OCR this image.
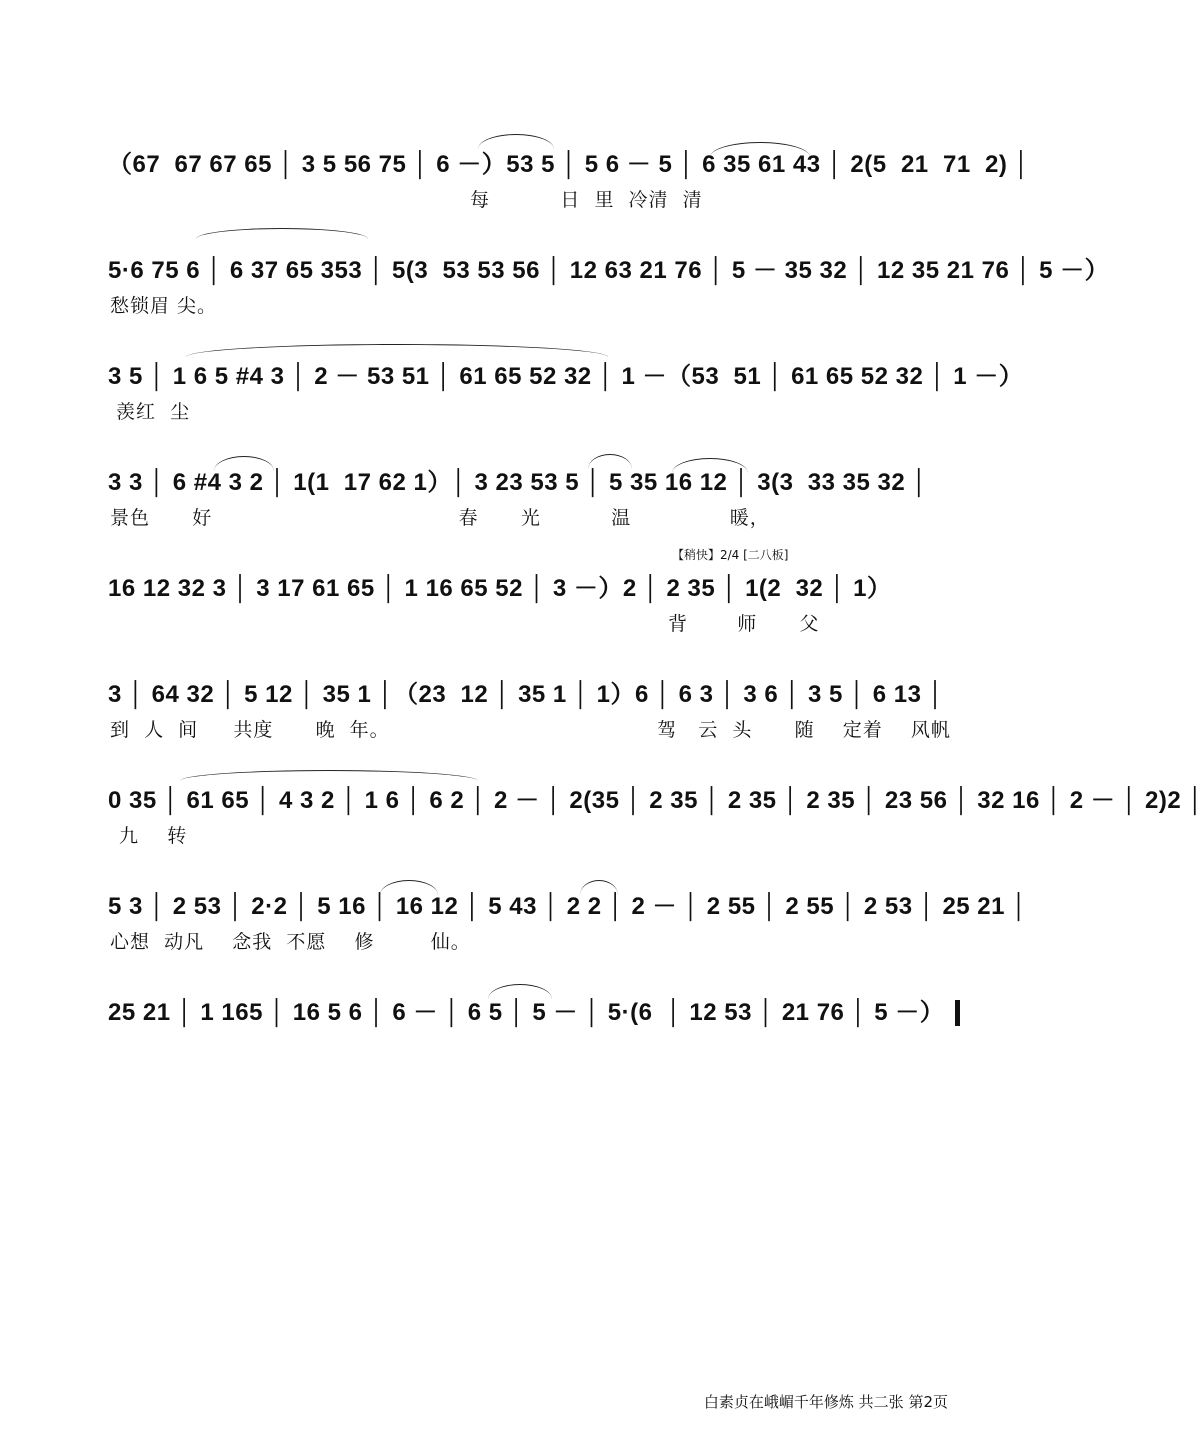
（67  67 67 65 │ 3 5 56 75 │ 6 －）53 5 │ 5 6 － 5 │ 6 35 61 43 │ 2(5  21  71  2) │
每          日  里  冷清  清
5·6 75 6 │ 6 37 65 353 │ 5(3  53 53 56 │ 12 63 21 76 │ 5 － 35 32 │ 12 35 21 76 │ 5 －）
愁锁眉 尖。
3 5 │ 1 6 5 #4 3 │ 2 － 53 51 │ 61 65 52 32 │ 1 －（53  51 │ 61 65 52 32 │ 1 －）
羡红  尘
3 3 │ 6 #4 3 2 │ 1(1  17 62 1）│ 3 23 53 5 │ 5 35 16 12 │ 3(3  33 35 32 │
景色      好                                   春      光          温              暖，
【稍快】2/4 [二八板]
16 12 32 3 │ 3 17 61 65 │ 1 16 65 52 │ 3 －）2 │ 2 35 │ 1(2  32 │ 1）
背       师      父
3 │ 64 32 │ 5 12 │ 35 1 │（23  12 │ 35 1 │ 1）6 │ 6 3 │ 3 6 │ 3 5 │ 6 13 │
到  人  间     共度      晚  年。                                      驾   云  头      随    定着    风帆
0 35 │ 61 65 │ 4 3 2 │ 1 6 │ 6 2 │ 2 － │ 2(35 │ 2 35 │ 2 35 │ 2 35 │ 23 56 │ 32 16 │ 2 － │ 2)2 │
九    转
5 3 │ 2 53 │ 2·2 │ 5 16 │ 16 12 │ 5 43 │ 2 2 │ 2 － │ 2 55 │ 2 55 │ 2 53 │ 25 21 │
心想  动凡    念我  不愿    修        仙。
25 21 │ 1 165 │ 16 5 6 │ 6 － │ 6 5 │ 5 － │ 5·(6  │ 12 53 │ 21 76 │ 5 －）
白素贞在峨嵋千年修炼 共二张 第2页
